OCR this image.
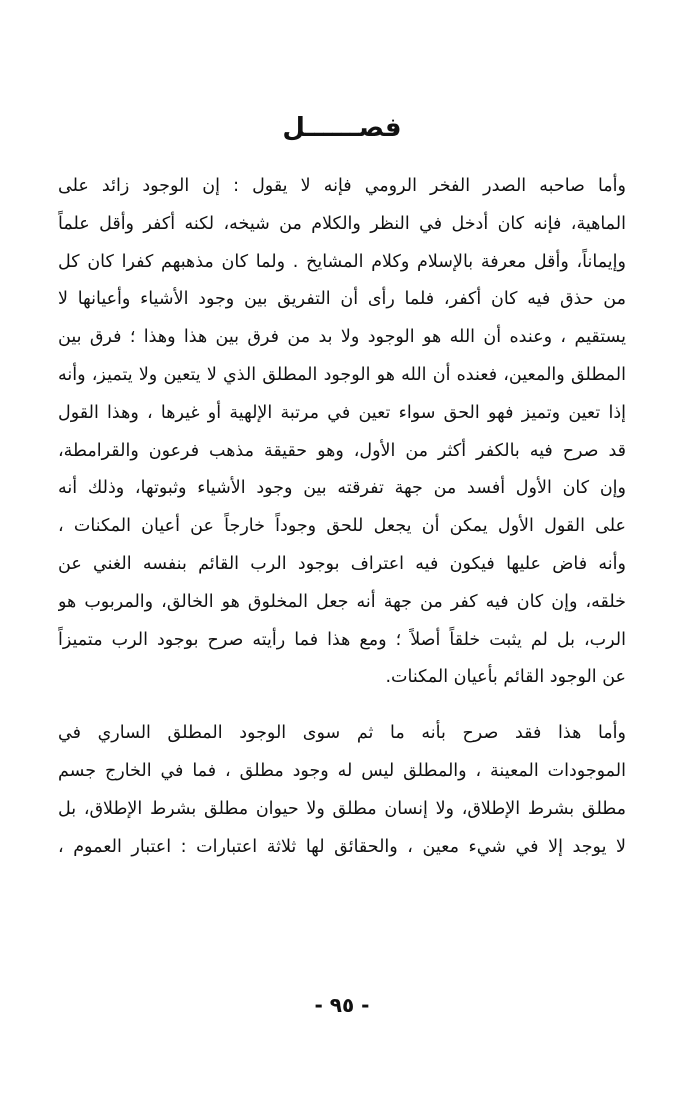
فصــــــل
وأما صاحبه الصدر الفخر الرومي فإنه لا يقول : إن الوجود زائد على
الماهية، فإنه كان أدخل في النظر والكلام من شيخه، لكنه أكفر وأقل علماً
وإيماناً، وأقل معرفة بالإسلام وكلام المشايخ . ولما كان مذهبهم كفرا كان كل
من حذق فيه كان أكفر، فلما رأى أن التفريق بين وجود الأشياء وأعيانها لا
يستقيم ، وعنده أن الله هو الوجود ولا بد من فرق بين هذا وهذا ؛ فرق بين
المطلق والمعين، فعنده أن الله هو الوجود المطلق الذي لا يتعين ولا يتميز، وأنه
إذا تعين وتميز فهو الحق سواء تعين في مرتبة الإلهية أو غيرها ، وهذا القول
قد صرح فيه بالكفر أكثر من الأول، وهو حقيقة مذهب فرعون والقرامطة،
وإن كان الأول أفسد من جهة تفرقته بين وجود الأشياء وثبوتها، وذلك أنه
على القول الأول يمكن أن يجعل للحق وجوداً خارجاً عن أعيان المكنات ،
وأنه فاض عليها فيكون فيه اعتراف بوجود الرب القائم بنفسه الغني عن
خلقه، وإن كان فيه كفر من جهة أنه جعل المخلوق هو الخالق، والمربوب هو
الرب، بل لم يثبت خلقاً أصلاً ؛ ومع هذا فما رأيته صرح بوجود الرب متميزاً
عن الوجود القائم بأعيان المكنات.
وأما هذا فقد صرح بأنه ما ثم سوى الوجود المطلق الساري في
الموجودات المعينة ، والمطلق ليس له وجود مطلق ، فما في الخارج جسم
مطلق بشرط الإطلاق، ولا إنسان مطلق ولا حيوان مطلق بشرط الإطلاق، بل
لا يوجد إلا في شيء معين ، والحقائق لها ثلاثة اعتبارات : اعتبار العموم ،
- ٩٥ -
